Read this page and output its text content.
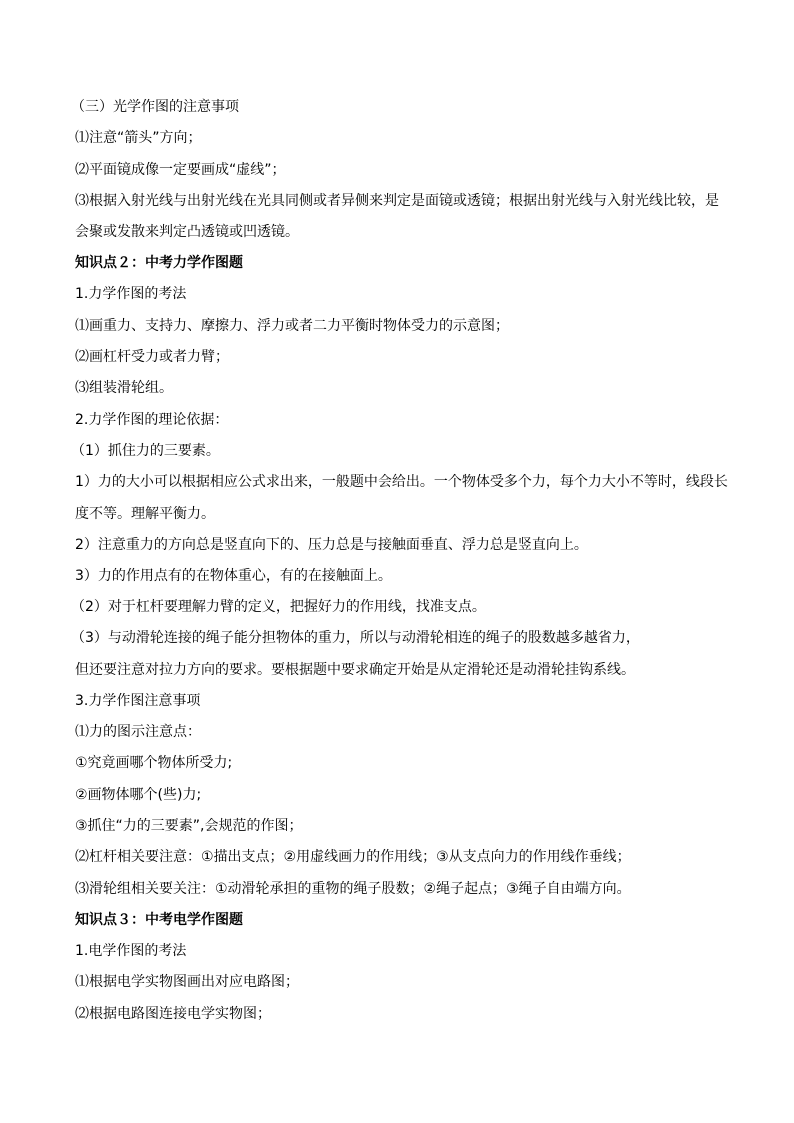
（三）光学作图的注意事项
⑴注意“箭头”方向；
⑵平面镜成像一定要画成“虚线”；
⑶根据入射光线与出射光线在光具同侧或者异侧来判定是面镜或透镜；根据出射光线与入射光线比较，是
会聚或发散来判定凸透镜或凹透镜。
知识点２：中考力学作图题
1.力学作图的考法
⑴画重力、支持力、摩擦力、浮力或者二力平衡时物体受力的示意图；
⑵画杠杆受力或者力臂；
⑶组装滑轮组。
2.力学作图的理论依据：
（1）抓住力的三要素。
1）力的大小可以根据相应公式求出来，一般题中会给出。一个物体受多个力，每个力大小不等时，线段长
度不等。理解平衡力。
2）注意重力的方向总是竖直向下的、压力总是与接触面垂直、浮力总是竖直向上。
3）力的作用点有的在物体重心，有的在接触面上。
（2）对于杠杆要理解力臂的定义，把握好力的作用线，找准支点。
（3）与动滑轮连接的绳子能分担物体的重力，所以与动滑轮相连的绳子的股数越多越省力，
但还要注意对拉力方向的要求。要根据题中要求确定开始是从定滑轮还是动滑轮挂钩系线。
3.力学作图注意事项
⑴力的图示注意点：
①究竟画哪个物体所受力;
②画物体哪个(些)力;
③抓住“力的三要素”,会规范的作图；
⑵杠杆相关要注意：①描出支点；②用虚线画力的作用线；③从支点向力的作用线作垂线；
⑶滑轮组相关要关注：①动滑轮承担的重物的绳子股数；②绳子起点；③绳子自由端方向。
知识点３：中考电学作图题
1.电学作图的考法
⑴根据电学实物图画出对应电路图；
⑵根据电路图连接电学实物图；
